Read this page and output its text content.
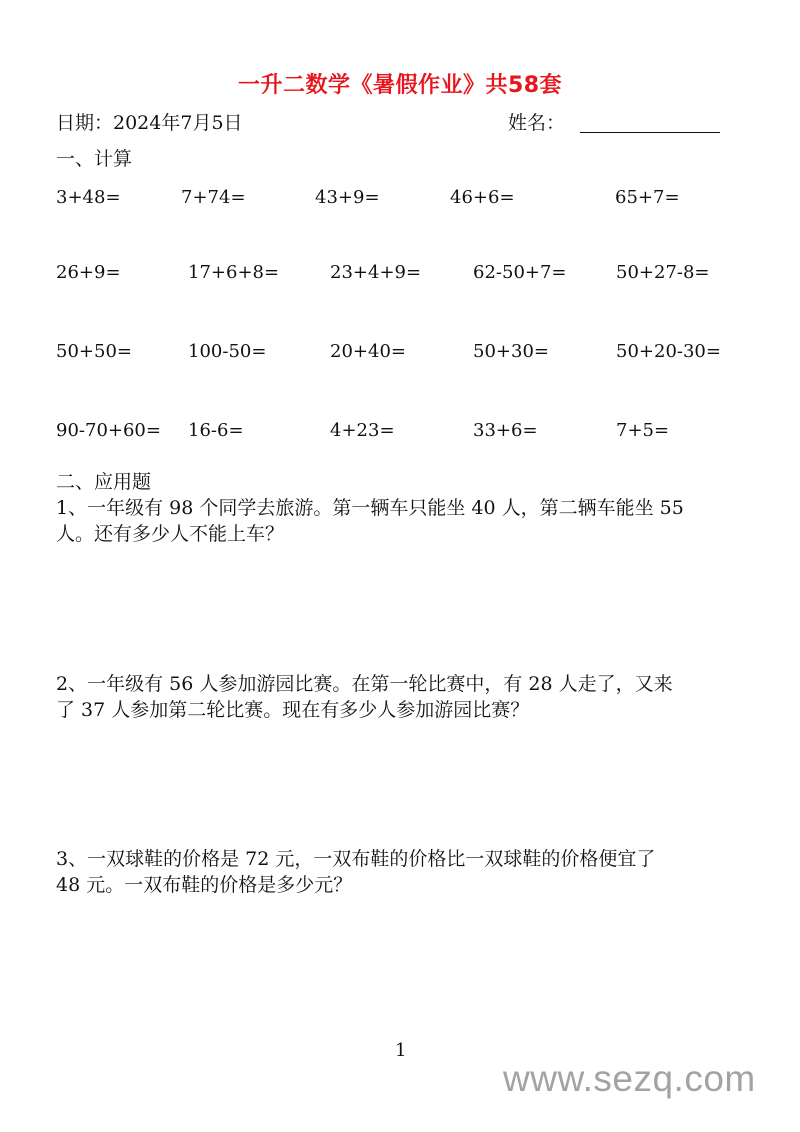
一升二数学《暑假作业》共58套
日期：2024年7月5日	姓名：
一、计算
3+48=	7+74=	43+9=	46+6=	65+7=
26+9=	17+6+8=	23+4+9=	62-50+7=	50+27-8=
50+50=	100-50=	20+40=	50+30=	50+20-30=
90-70+60= 16-6=	4+23=	33+6=	7+5=
二、应用题
1、一年级有 98 个同学去旅游。第一辆车只能坐 40 人，第二辆车能坐 55
人。还有多少人不能上车？
2、一年级有 56 人参加游园比赛。在第一轮比赛中，有 28 人走了，又来
了 37 人参加第二轮比赛。现在有多少人参加游园比赛？
3、一双球鞋的价格是 72 元，一双布鞋的价格比一双球鞋的价格便宜了
48 元。一双布鞋的价格是多少元？
1
www.sezq.com
